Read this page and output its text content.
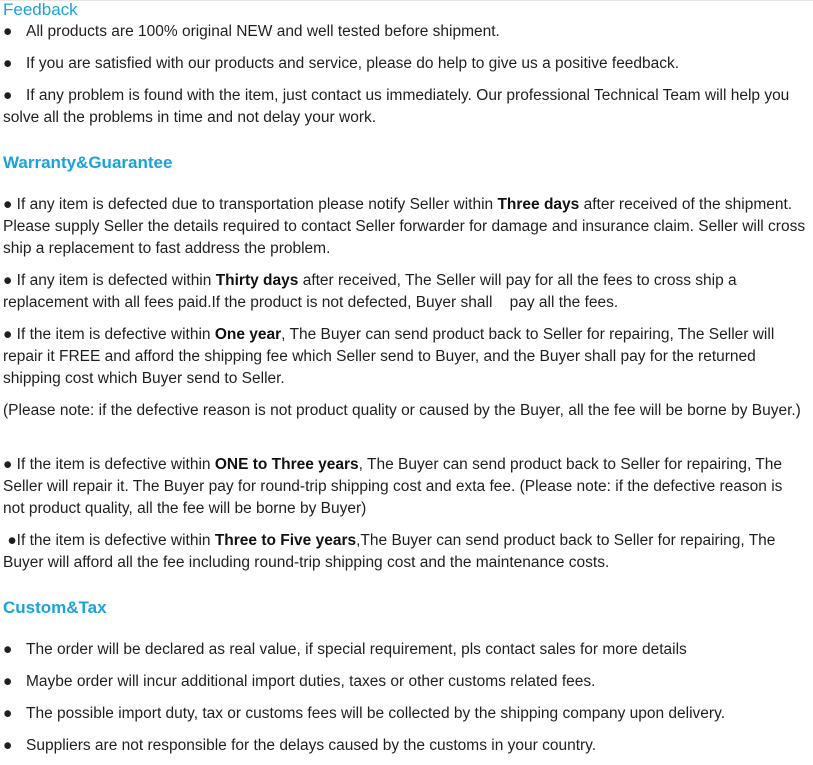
Feedback
● All products are 100% original NEW and well tested before shipment.
● If you are satisfied with our products and service, please do help to give us a positive feedback.
● If any problem is found with the item, just contact us immediately. Our professional Technical Team will help you solve all the problems in time and not delay your work.
Warranty&Guarantee
● If any item is defected due to transportation please notify Seller within Three days after received of the shipment. Please supply Seller the details required to contact Seller forwarder for damage and insurance claim. Seller will cross ship a replacement to fast address the problem.
● If any item is defected within Thirty days after received, The Seller will pay for all the fees to cross ship a replacement with all fees paid.If the product is not defected, Buyer shall    pay all the fees.
● If the item is defective within One year, The Buyer can send product back to Seller for repairing, The Seller will repair it FREE and afford the shipping fee which Seller send to Buyer, and the Buyer shall pay for the returned shipping cost which Buyer send to Seller.
(Please note: if the defective reason is not product quality or caused by the Buyer, all the fee will be borne by Buyer.)
● If the item is defective within ONE to Three years, The Buyer can send product back to Seller for repairing, The Seller will repair it. The Buyer pay for round-trip shipping cost and exta fee. (Please note: if the defective reason is not product quality, all the fee will be borne by Buyer)
●If the item is defective within Three to Five years,The Buyer can send product back to Seller for repairing, The Buyer will afford all the fee including round-trip shipping cost and the maintenance costs.
Custom&Tax
● The order will be declared as real value, if special requirement, pls contact sales for more details
● Maybe order will incur additional import duties, taxes or other customs related fees.
● The possible import duty, tax or customs fees will be collected by the shipping company upon delivery.
● Suppliers are not responsible for the delays caused by the customs in your country.
